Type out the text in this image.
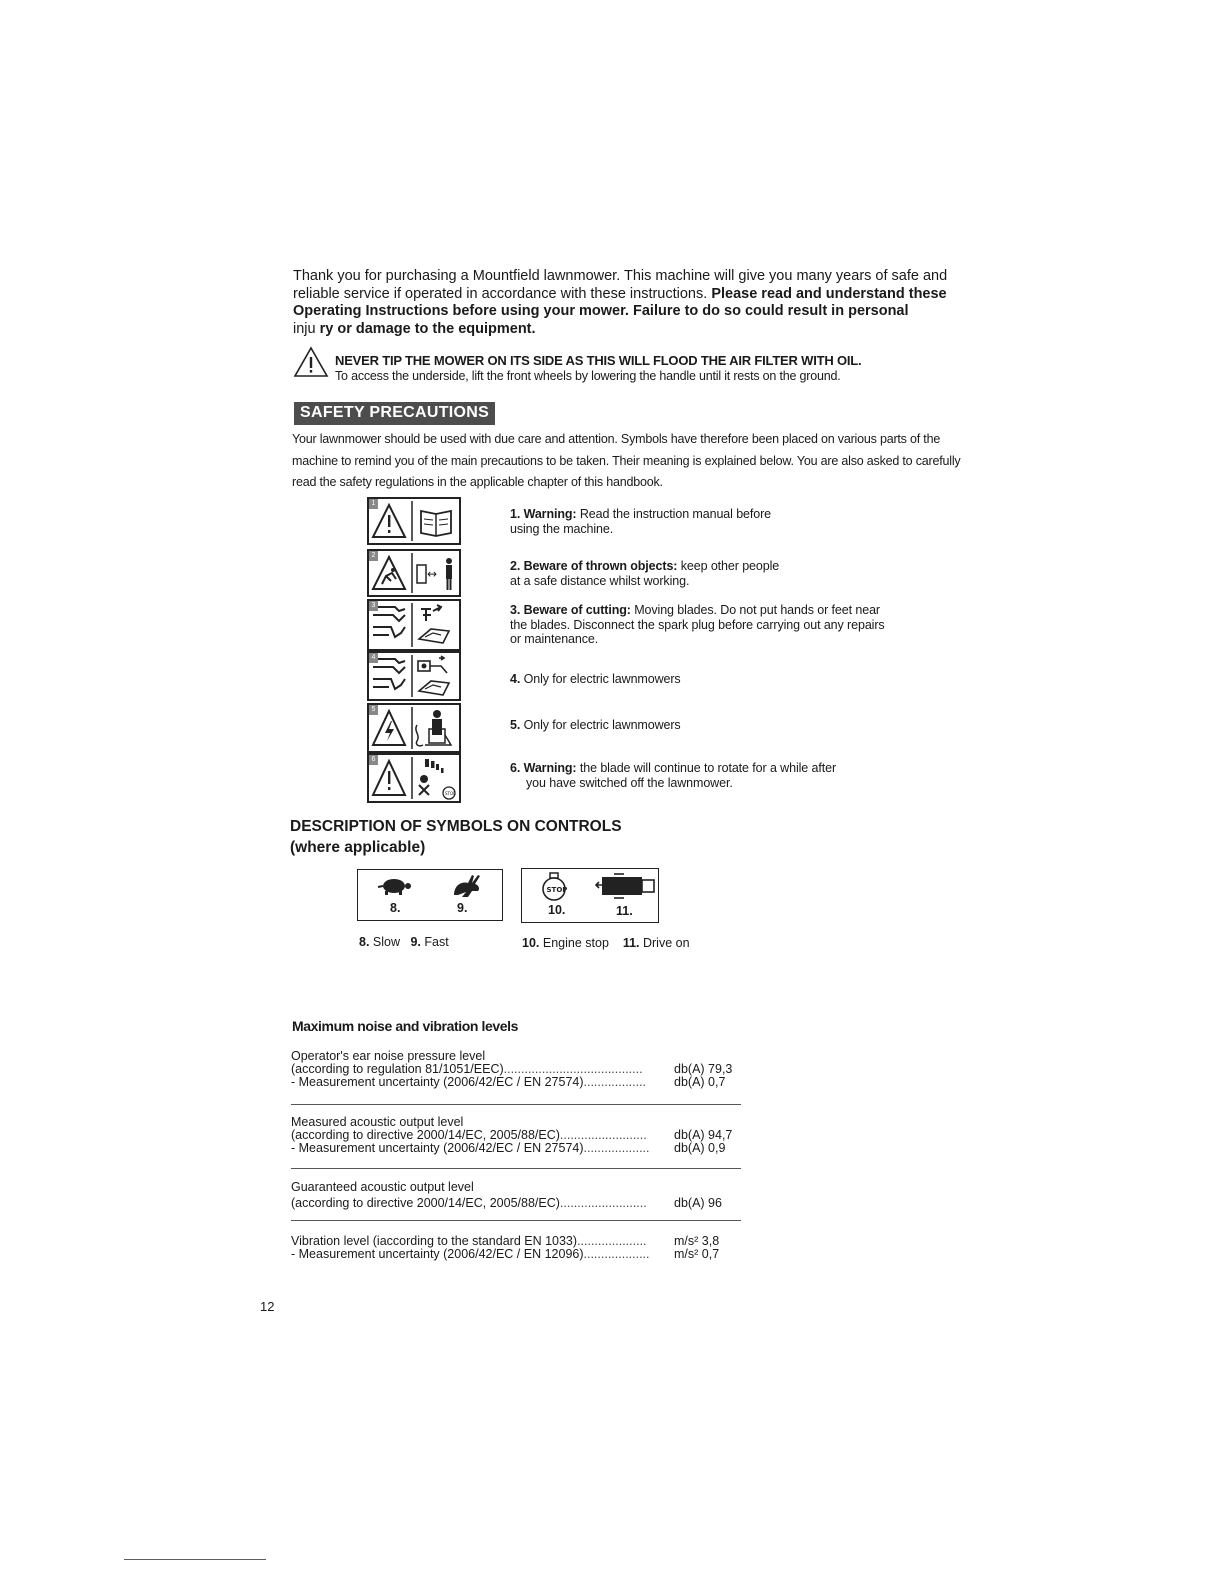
Thank you for purchasing a Mountfield lawnmower. This machine will give you many years of safe and reliable service if operated in accordance with these instructions. Please read and understand these Operating Instructions before using your mower. Failure to do so could result in personal
inju ry or damage to the equipment.
NEVER TIP THE MOWER ON ITS SIDE AS THIS WILL FLOOD THE AIR FILTER WITH OIL.
To access the underside, lift the front wheels by lowering the handle until it rests on the ground.
SAFETY PRECAUTIONS
Your lawnmower should be used with due care and attention. Symbols have therefore been placed on various parts of the machine to remind you of the main precautions to be taken. Their meaning is explained below. You are also asked to carefully read the safety regulations in the applicable chapter of this handbook.
1
1. Warning: Read the instruction manual before
using the machine.
↔
2
2. Beware of thrown objects: keep other people
at a safe distance whilst working.
3	3. Beware of cutting: Moving blades. Do not put hands or feet near
the blades. Disconnect the spark plug before carrying out any repairs
or maintenance.
4
4. Only for electric lawnmowers
5
5. Only for electric lawnmowers
STOP
6
6. Warning: the blade will continue to rotate for a while after
you have switched off the lawnmower.
DESCRIPTION OF SYMBOLS ON CONTROLS
(where applicable)
8.	9.
STOP
10.	11.
8. Slow 9. Fast	10. Engine stop 11. Drive on
Maximum noise and vibration levels
Operator's ear noise pressure level
(according to regulation 81/1051/EEC)........................................	db(A) 79,3
- Measurement uncertainty (2006/42/EC / EN 27574).................. db(A) 0,7
Measured acoustic output level
(according to directive 2000/14/EC, 2005/88/EC)......................... db(A) 94,7
- Measurement uncertainty (2006/42/EC / EN 27574)................... db(A) 0,9
Guaranteed acoustic output level
(according to directive 2000/14/EC, 2005/88/EC)......................... db(A) 96
Vibration level (iaccording to the standard EN 1033).................... m/s² 3,8
- Measurement uncertainty (2006/42/EC / EN 12096)................... m/s² 0,7
12
